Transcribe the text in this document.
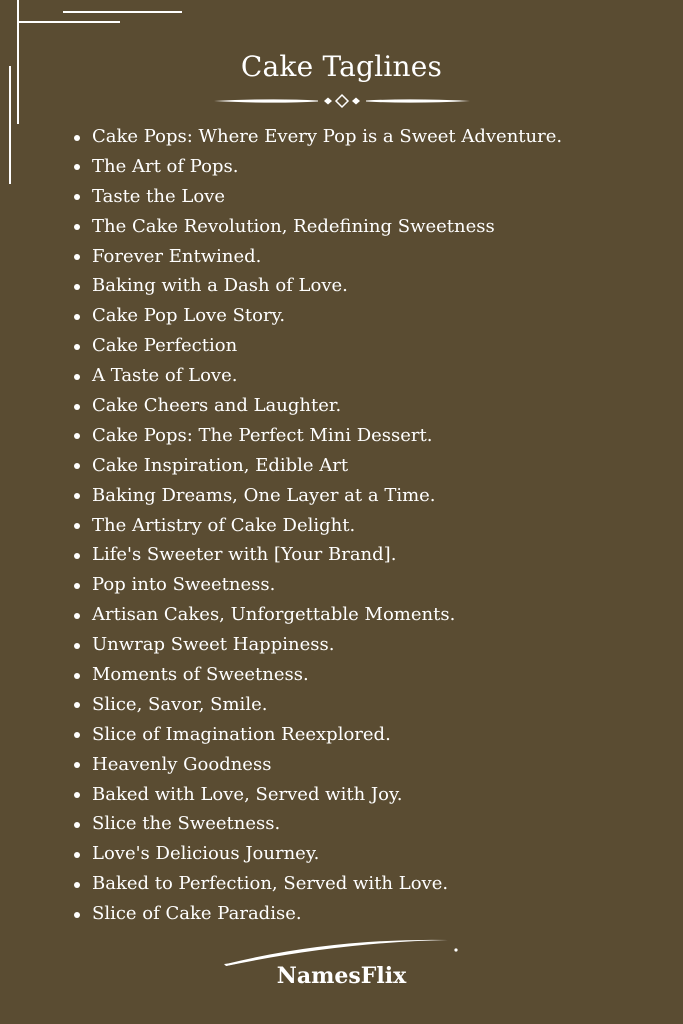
Cake Taglines
Cake Pops: Where Every Pop is a Sweet Adventure.
The Art of Pops.
Taste the Love
The Cake Revolution, Redefining Sweetness
Forever Entwined.
Baking with a Dash of Love.
Cake Pop Love Story.
Cake Perfection
A Taste of Love.
Cake Cheers and Laughter.
Cake Pops: The Perfect Mini Dessert.
Cake Inspiration, Edible Art
Baking Dreams, One Layer at a Time.
The Artistry of Cake Delight.
Life's Sweeter with [Your Brand].
Pop into Sweetness.
Artisan Cakes, Unforgettable Moments.
Unwrap Sweet Happiness.
Moments of Sweetness.
Slice, Savor, Smile.
Slice of Imagination Reexplored.
Heavenly Goodness
Baked with Love, Served with Joy.
Slice the Sweetness.
Love's Delicious Journey.
Baked to Perfection, Served with Love.
Slice of Cake Paradise.
NamesFlix
